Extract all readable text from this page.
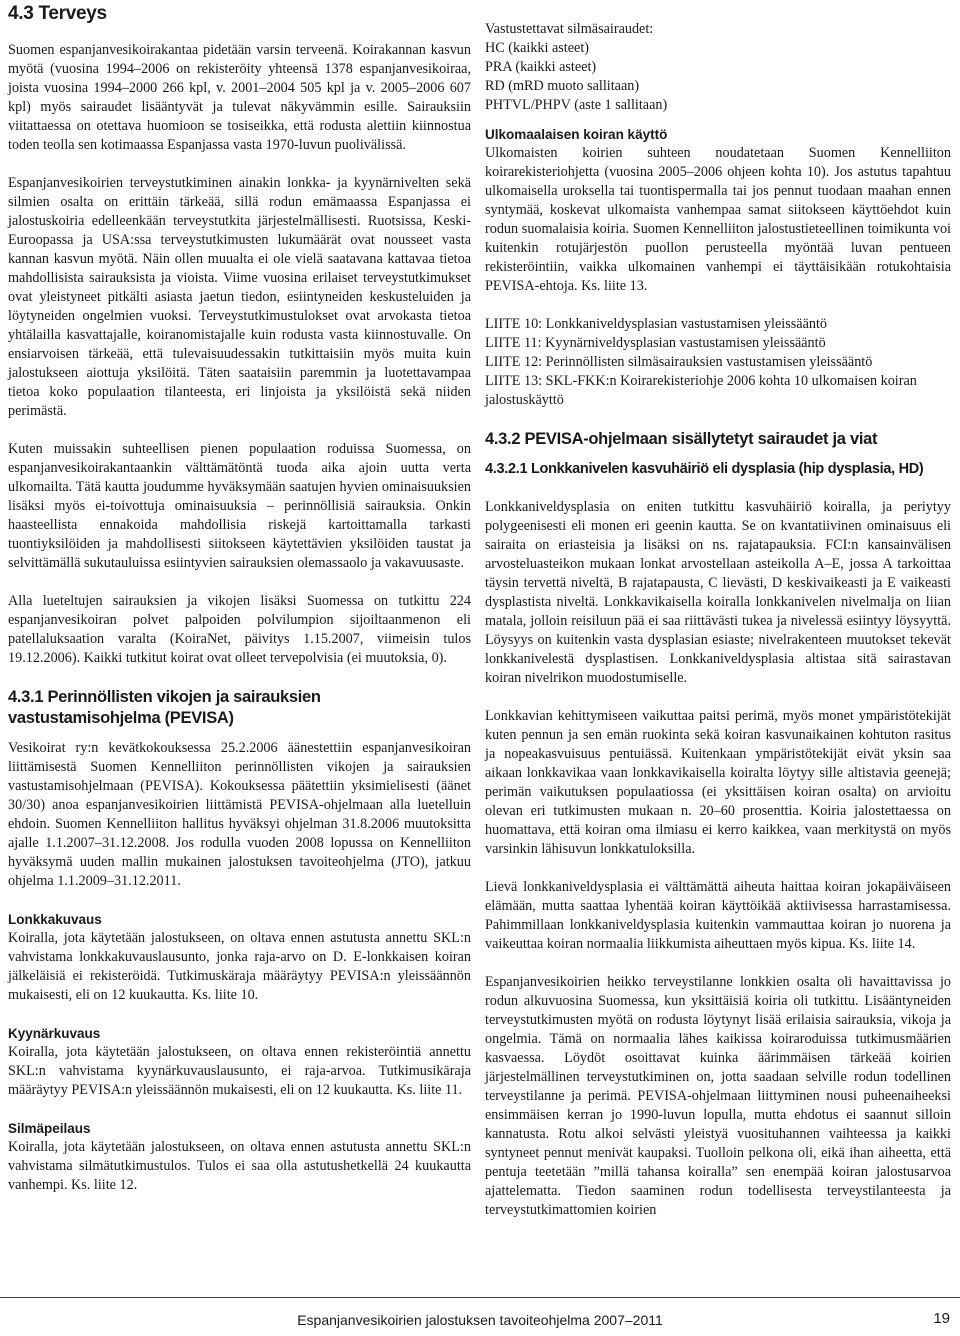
4.3 Terveys

Suomen espanjanvesikoirakantaa pidetään varsin terveenä. Koirakannan kasvun myötä (vuosina 1994–2006 on rekisteröity yhteensä 1378 espanjanvesikoiraa, joista vuosina 1994–2000 266 kpl, v. 2001–2004 505 kpl ja v. 2005–2006 607 kpl) myös sairaudet lisääntyvät ja tulevat näkyvämmin esille. Sairauksiin viitattaessa on otettava huomioon se tosiseikka, että rodusta alettiin kiinnostua toden teolla sen kotimaassa Espanjassa vasta 1970-luvun puolivälissä.

Espanjanvesikoirien terveystutkiminen ainakin lonkka- ja kyynärnivelten sekä silmien osalta on erittäin tärkeää, sillä rodun emämaassa Espanjassa ei jalostuskoiria edelleenkään terveystutkita järjestelmällisesti. Ruotsissa, Keski-Euroopassa ja USA:ssa terveystutkimusten lukumäärät ovat nousseet vasta kannan kasvun myötä. Näin ollen muualta ei ole vielä saatavana kattavaa tietoa mahdollisista sairauksista ja vioista. Viime vuosina erilaiset terveystutkimukset ovat yleistyneet pitkälti asiasta jaetun tiedon, esiintyneiden keskusteluiden ja löytyneiden ongelmien vuoksi. Terveystutkimustulokset ovat arvokasta tietoa yhtälailla kasvattajalle, koiranomistajalle kuin rodusta vasta kiinnostuvalle. On ensiarvoisen tärkeää, että tulevaisuudessakin tutkittaisiin myös muita kuin jalostukseen aiottuja yksilöitä. Täten saataisiin paremmin ja luotettavampaa tietoa koko populaation tilanteesta, eri linjoista ja yksilöistä sekä niiden perimästä.

Kuten muissakin suhteellisen pienen populaation roduissa Suomessa, on espanjanvesikoirakantaankin välttämätöntä tuoda aika ajoin uutta verta ulkomailta. Tätä kautta joudumme hyväksymään saatujen hyvien ominaisuuksien lisäksi myös ei-toivottuja ominaisuuksia – perinnöllisiä sairauksia. Onkin haasteellista ennakoida mahdollisia riskejä kartoittamalla tarkasti tuontiyksilöiden ja mahdollisesti siitokseen käytettävien yksilöiden taustat ja selvittämällä sukutauluissa esiintyvien sairauksien olemassaolo ja vakavuusaste.

Alla lueteltujen sairauksien ja vikojen lisäksi Suomessa on tutkittu 224 espanjanvesikoiran polvet palpoiden polvilumpion sijoiltaanmenon eli patellaluksaation varalta (KoiraNet, päivitys 1.15.2007, viimeisin tulos 19.12.2006). Kaikki tutkitut koirat ovat olleet tervepolvisia (ei muutoksia, 0).

4.3.1 Perinnöllisten vikojen ja sairauksien vastustamisohjelma (PEVISA)

Vesikoirat ry:n kevätkokouksessa 25.2.2006 äänestettiin espanjanvesikoiran liittämisestä Suomen Kennelliiton perinnöllisten vikojen ja sairauksien vastustamisohjelmaan (PEVISA). Kokouksessa päätettiin yksimielisesti (äänet 30/30) anoa espanjanvesikoirien liittämistä PEVISA-ohjelmaan alla luetelluin ehdoin. Suomen Kennelliiton hallitus hyväksyi ohjelman 31.8.2006 muutoksitta ajalle 1.1.2007–31.12.2008. Jos rodulla vuoden 2008 lopussa on Kennelliiton hyväksymä uuden mallin mukainen jalostuksen tavoiteohjelma (JTO), jatkuu ohjelma 1.1.2009–31.12.2011.

Lonkkakuvaus

Koiralla, jota käytetään jalostukseen, on oltava ennen astutusta annettu SKL:n vahvistama lonkkakuvauslausunto, jonka raja-arvo on D. E-lonkkaisen koiran jälkeläisiä ei rekisteröidä. Tutkimuskäraja määräytyy PEVISA:n yleissäännön mukaisesti, eli on 12 kuukautta. Ks. liite 10.

Kyynärkuvaus

Koiralla, jota käytetään jalostukseen, on oltava ennen rekisteröintiä annettu SKL:n vahvistama kyynärkuvauslausunto, ei raja-arvoa. Tutkimusikäraja määräytyy PEVISA:n yleissäännön mukaisesti, eli on 12 kuukautta. Ks. liite 11.

Silmäpeilaus

Koiralla, jota käytetään jalostukseen, on oltava ennen astutusta annettu SKL:n vahvistama silmätutkimustulos. Tulos ei saa olla astutushetkellä 24 kuukautta vanhempi. Ks. liite 12.

Vastustettavat silmäsairaudet:
HC (kaikki asteet)
PRA (kaikki asteet)
RD (mRD muoto sallitaan)
PHTVL/PHPV (aste 1 sallitaan)
Ulkomaalaisen koiran käyttö

Ulkomaisten koirien suhteen noudatetaan Suomen Kennelliiton koirarekisteriohjetta (vuosina 2005–2006 ohjeen kohta 10). Jos astutus tapahtuu ulkomaisella uroksella tai tuontispermalla tai jos pennut tuodaan maahan ennen syntymää, koskevat ulkomaista vanhempaa samat siitokseen käyttöehdot kuin rodun suomalaisia koiria. Suomen Kennelliiton jalostustieteellinen toimikunta voi kuitenkin rotujärjestön puollon perusteella myöntää luvan pentueen rekisteröintiin, vaikka ulkomainen vanhempi ei täyttäisikään rotukohtaisia PEVISA-ehtoja. Ks. liite 13.

LIITE 10: Lonkkaniveldysplasian vastustamisen yleissääntö
LIITE 11: Kyynärniveldysplasian vastustamisen yleissääntö
LIITE 12: Perinnöllisten silmäsairauksien vastustamisen yleissääntö
LIITE 13: SKL-FKK:n Koirarekisteriohje 2006 kohta 10 ulkomaisen koiran jalostuskäyttö
4.3.2 PEVISA-ohjelmaan sisällytetyt sairaudet ja viat
4.3.2.1 Lonkkanivelen kasvuhäiriö eli dysplasia (hip dysplasia, HD)

Lonkkaniveldysplasia on eniten tutkittu kasvuhäiriö koiralla, ja periytyy polygeenisesti eli monen eri geenin kautta. Se on kvantatiivinen ominaisuus eli sairaita on eriasteisia ja lisäksi on ns. rajatapauksia. FCI:n kansainvälisen arvosteluasteikon mukaan lonkat arvostellaan asteikolla A–E, jossa A tarkoittaa täysin tervettä niveltä, B rajatapausta, C lievästi, D keskivaikeasti ja E vaikeasti dysplastista niveltä. Lonkkavikaisella koiralla lonkkanivelen nivelmalja on liian matala, jolloin reisiluun pää ei saa riittävästi tukea ja nivelessä esiintyy löysyyttä. Löysyys on kuitenkin vasta dysplasian esiaste; nivelrakenteen muutokset tekevät lonkkanivelestä dysplastisen. Lonkkaniveldysplasia altistaa sitä sairastavan koiran nivelrikon muodostumiselle.

Lonkkavian kehittymiseen vaikuttaa paitsi perimä, myös monet ympäristötekijät kuten pennun ja sen emän ruokinta sekä koiran kasvunaikainen kohtuton rasitus ja nopeakasvuisuus pentuiässä. Kuitenkaan ympäristötekijät eivät yksin saa aikaan lonkkavikaa vaan lonkkavikaisella koiralta löytyy sille altistavia geenejä; perimän vaikutuksen populaatiossa (ei yksittäisen koiran osalta) on arvioitu olevan eri tutkimusten mukaan n. 20–60 prosenttia. Koiria jalostettaessa on huomattava, että koiran oma ilmiasu ei kerro kaikkea, vaan merkitystä on myös varsinkin lähisuvun lonkkatuloksilla.

Lievä lonkkaniveldysplasia ei välttämättä aiheuta haittaa koiran jokapäiväiseen elämään, mutta saattaa lyhentää koiran käyttöikää aktiivisessa harrastamisessa. Pahimmillaan lonkkaniveldysplasia kuitenkin vammauttaa koiran jo nuorena ja vaikeuttaa koiran normaalia liikkumista aiheuttaen myös kipua. Ks. liite 14.

Espanjanvesikoirien heikko terveystilanne lonkkien osalta oli havaittavissa jo rodun alkuvuosina Suomessa, kun yksittäisiä koiria oli tutkittu. Lisääntyneiden terveystutkimusten myötä on rodusta löytynyt lisää erilaisia sairauksia, vikoja ja ongelmia. Tämä on normaalia lähes kaikissa koiraroduissa tutkimusmäärien kasvaessa. Löydöt osoittavat kuinka äärimmäisen tärkeää koirien järjestelmällinen terveystutkiminen on, jotta saadaan selville rodun todellinen terveystilanne ja perimä. PEVISA-ohjelmaan liittyminen nousi puheenaiheeksi ensimmäisen kerran jo 1990-luvun lopulla, mutta ehdotus ei saannut silloin kannatusta. Rotu alkoi selvästi yleistyä vuosituhannen vaihteessa ja kaikki syntyneet pennut menivät kaupaksi. Tuolloin pelkona oli, eikä ihan aiheetta, että pentuja teetetään ”millä tahansa koiralla” sen enempää koiran jalostusarvoa ajattelematta. Tiedon saaminen rodun todellisesta terveystilanteesta ja terveystutkimattomien koirien

Espanjanvesikoirien jalostuksen tavoiteohjelma 2007–2011	19
